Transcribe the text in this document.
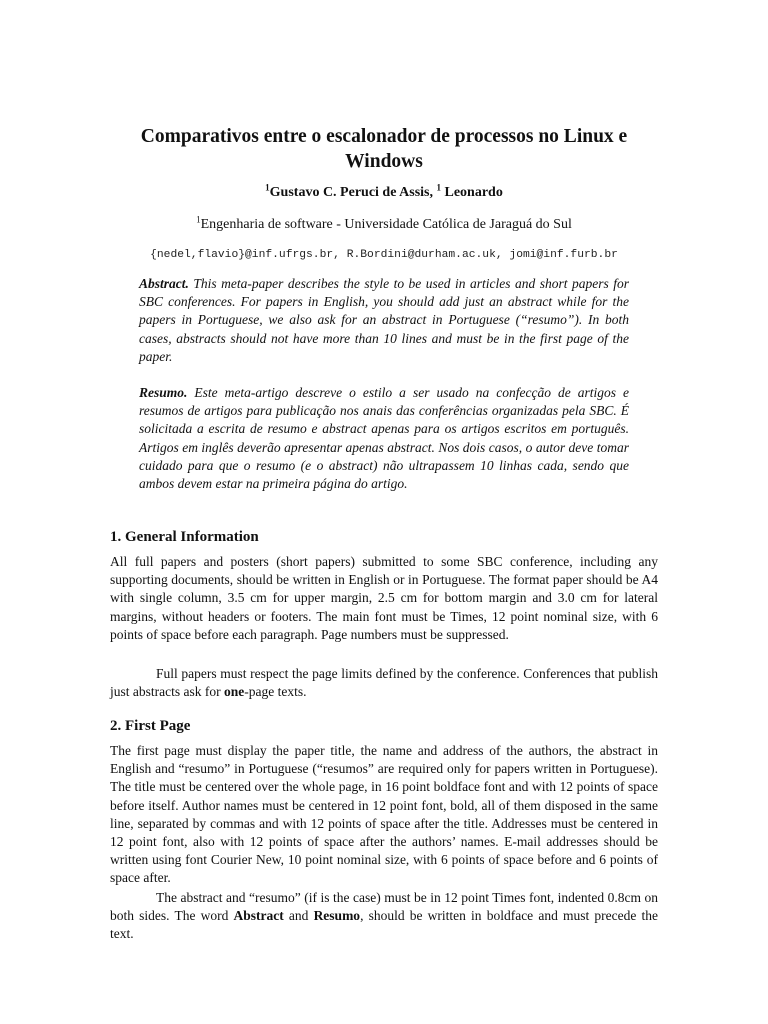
Comparativos entre o escalonador de processos no Linux e Windows
$^1$Gustavo C. Peruci de Assis, $^1$ Leonardo
$^1$Engenharia de software - Universidade Católica de Jaraguá do Sul
{nedel,flavio}@inf.ufrgs.br, R.Bordini@durham.ac.uk, jomi@inf.furb.br
Abstract. This meta-paper describes the style to be used in articles and short papers for SBC conferences. For papers in English, you should add just an abstract while for the papers in Portuguese, we also ask for an abstract in Portuguese (“resumo”). In both cases, abstracts should not have more than 10 lines and must be in the first page of the paper.
Resumo. Este meta-artigo descreve o estilo a ser usado na confecção de artigos e resumos de artigos para publicação nos anais das conferências organizadas pela SBC. É solicitada a escrita de resumo e abstract apenas para os artigos escritos em português. Artigos em inglês deverão apresentar apenas abstract. Nos dois casos, o autor deve tomar cuidado para que o resumo (e o abstract) não ultrapassem 10 linhas cada, sendo que ambos devem estar na primeira página do artigo.
1. General Information
All full papers and posters (short papers) submitted to some SBC conference, including any supporting documents, should be written in English or in Portuguese. The format paper should be A4 with single column, 3.5 cm for upper margin, 2.5 cm for bottom margin and 3.0 cm for lateral margins, without headers or footers. The main font must be Times, 12 point nominal size, with 6 points of space before each paragraph. Page numbers must be suppressed.
Full papers must respect the page limits defined by the conference. Conferences that publish just abstracts ask for one-page texts.
2. First Page
The first page must display the paper title, the name and address of the authors, the abstract in English and “resumo” in Portuguese (“resumos” are required only for papers written in Portuguese). The title must be centered over the whole page, in 16 point boldface font and with 12 points of space before itself. Author names must be centered in 12 point font, bold, all of them disposed in the same line, separated by commas and with 12 points of space after the title. Addresses must be centered in 12 point font, also with 12 points of space after the authors’ names. E-mail addresses should be written using font Courier New, 10 point nominal size, with 6 points of space before and 6 points of space after.
The abstract and “resumo” (if is the case) must be in 12 point Times font, indented 0.8cm on both sides. The word Abstract and Resumo, should be written in boldface and must precede the text.
